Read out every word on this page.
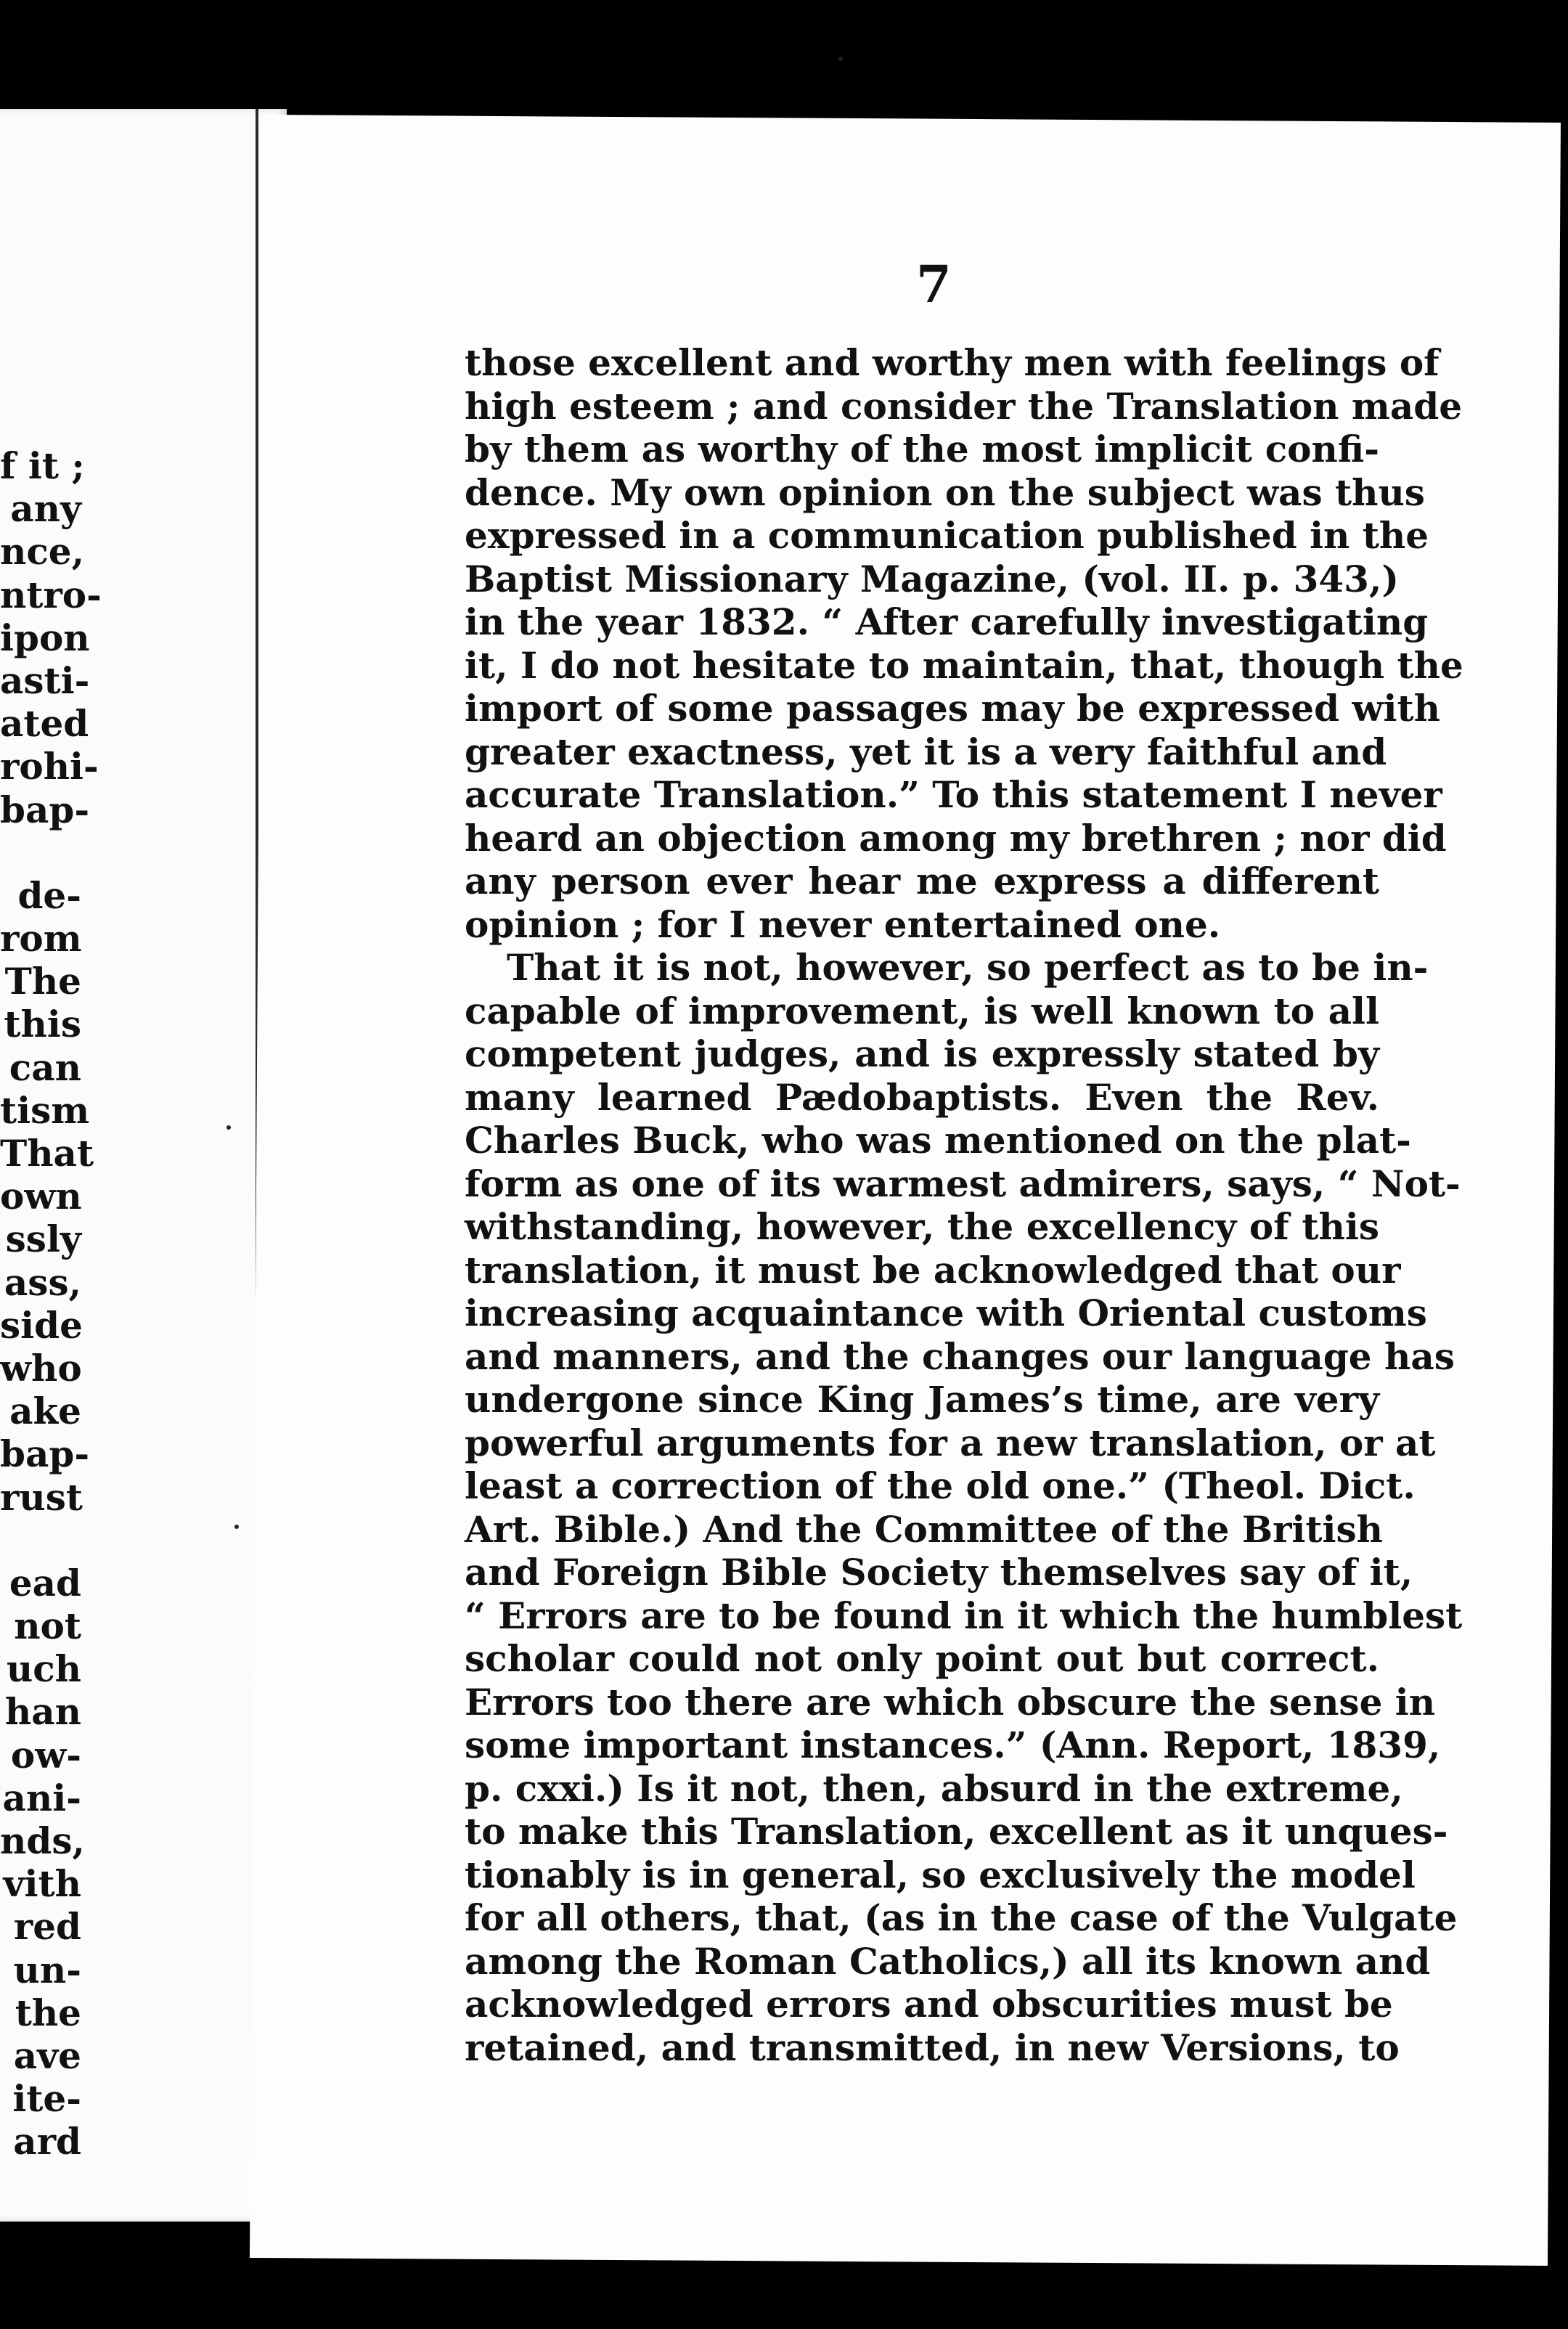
f it ;
any
nce,
ntro-
ipon
asti-
ated
rohi-
bap-
de-
rom
The
this
can
tism
That
own
ssly
ass,
side
who
ake
bap-
rust
ead
not
uch
han
ow-
ani-
nds,
vith
red
un-
the
ave
ite-
ard
7
those excellent and worthy men with feelings of
high esteem ; and consider the Translation made
by them as worthy of the most implicit confi-
dence. My own opinion on the subject was thus
expressed in a communication published in the
Baptist Missionary Magazine, (vol. II. p. 343,)
in the year 1832. “ After carefully investigating
it, I do not hesitate to maintain, that, though the
import of some passages may be expressed with
greater exactness, yet it is a very faithful and
accurate Translation.” To this statement I never
heard an objection among my brethren ; nor did
any person ever hear me express a different
opinion ; for I never entertained one.
That it is not, however, so perfect as to be in-
capable of improvement, is well known to all
competent judges, and is expressly stated by
many learned Pædobaptists. Even the Rev.
Charles Buck, who was mentioned on the plat-
form as one of its warmest admirers, says, “ Not-
withstanding, however, the excellency of this
translation, it must be acknowledged that our
increasing acquaintance with Oriental customs
and manners, and the changes our language has
undergone since King James’s time, are very
powerful arguments for a new translation, or at
least a correction of the old one.” (Theol. Dict.
Art. Bible.) And the Committee of the British
and Foreign Bible Society themselves say of it,
“ Errors are to be found in it which the humblest
scholar could not only point out but correct.
Errors too there are which obscure the sense in
some important instances.” (Ann. Report, 1839,
p. cxxi.) Is it not, then, absurd in the extreme,
to make this Translation, excellent as it unques-
tionably is in general, so exclusively the model
for all others, that, (as in the case of the Vulgate
among the Roman Catholics,) all its known and
acknowledged errors and obscurities must be
retained, and transmitted, in new Versions, to
